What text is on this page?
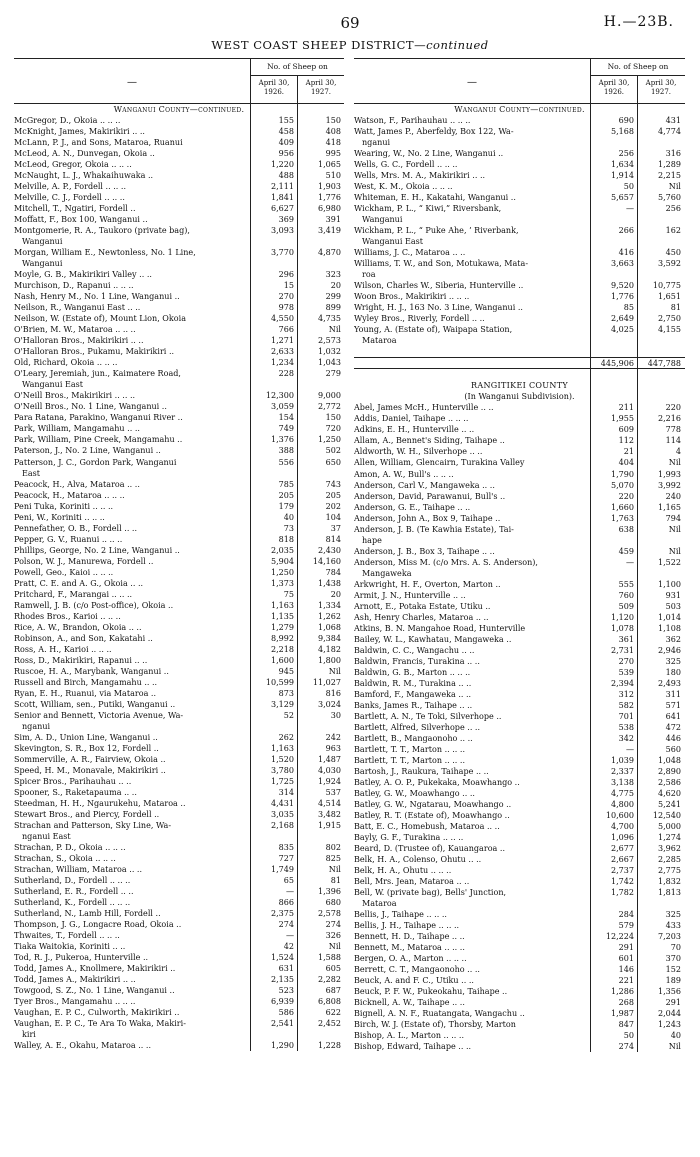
69	H.—23B.
WEST COAST SHEEP DISTRICT—continued
—
No. of Sheep on
April 30, 1926.
April 30, 1927.
Wanganui County—continued.
McGregor, D., Okoia .. .. ..	155	150
McKnight, James, Makirikiri .. ..	458	408
McLann, P. J., and Sons, Mataroa, Ruanui	409	418
McLeod, A. N., Dunvegan, Okoia ..	956	995
McLeod, Gregor, Okoia .. .. ..	1,220	1,065
McNaught, L. J., Whakaihuwaka ..	488	510
Melville, A. P., Fordell .. .. ..	2,111	1,903
Melville, C. J., Fordell .. .. ..	1,841	1,776
Mitchell, T., Ngatiri, Fordell ..	6,627	6,980
Moffatt, F., Box 100, Wanganui ..	369	391
Montgomerie, R. A., Taukoro (private bag),	3,093	3,419
Wanganui
Morgan, William E., Newtonless, No. 1 Line,	3,770	4,870
Wanganui
Moyle, G. B., Makirikiri Valley .. ..	296	323
Murchison, D., Rapanui .. .. ..	15	20
Nash, Henry M., No. 1 Line, Wanganui ..	270	299
Neilson, R., Wanganui East .. ..	978	899
Neilson, W. (Estate of), Mount Lion, Okoia	4,550	4,735
O'Brien, M. W., Mataroa .. .. ..	766	Nil
O'Halloran Bros., Makirikiri .. ..	1,271	2,573
O'Halloran Bros., Pukamu, Makirikiri ..	2,633	1,032
Old, Richard, Okoia .. .. ..	1,234	1,043
O'Leary, Jeremiah, jun., Kaimatere Road,	228	279
Wanganui East
O'Neill Bros., Makirikiri .. .. ..	12,300	9,000
O'Neill Bros., No. 1 Line, Wanganui ..	3,059	2,772
Para Ratana, Parakino, Wanganui River ..	154	150
Park, William, Mangamahu .. ..	749	720
Park, William, Pine Creek, Mangamahu ..	1,376	1,250
Paterson, J., No. 2 Line, Wanganui ..	388	502
Patterson, J. C., Gordon Park, Wanganui	556	650
East
Peacock, H., Alva, Mataroa .. ..	785	743
Peacock, H., Mataroa .. .. ..	205	205
Peni Tuka, Koriniti .. .. ..	179	202
Peni, W., Koriniti .. .. ..	40	104
Pennefather, O. B., Fordell .. ..	73	37
Pepper, G. V., Ruanui .. .. ..	818	814
Phillips, George, No. 2 Line, Wanganui ..	2,035	2,430
Polson, W. J., Manurewa, Fordell ..	5,904	14,160
Powell, Geo., Kaioi .. .. ..	1,250	784
Pratt, C. E. and A. G., Okoia .. ..	1,373	1,438
Pritchard, F., Marangai .. .. ..	75	20
Ramwell, J. B. (c/o Post-office), Okoia ..	1,163	1,334
Rhodes Bros., Karioi .. .. ..	1,135	1,262
Rice, A. W., Brandon, Okoia .. ..	1,279	1,068
Robinson, A., and Son, Kakatahi ..	8,992	9,384
Ross, A. H., Karioi .. .. ..	2,218	4,182
Ross, D., Makirikiri, Rapanui .. ..	1,600	1,800
Ruscoe, H. A., Marybank, Wanganui ..	945	Nil
Russell and Birch, Mangamahu .. ..	10,599	11,027
Ryan, E. H., Ruanui, via Mataroa ..	873	816
Scott, William, sen., Putiki, Wanganui ..	3,129	3,024
Senior and Bennett, Victoria Avenue, Wa-	52	30
nganui
Sim, A. D., Union Line, Wanganui ..	262	242
Skevington, S. R., Box 12, Fordell ..	1,163	963
Sommerville, A. R., Fairview, Okoia ..	1,520	1,487
Speed, H. M., Monavale, Makirikiri ..	3,780	4,030
Spicer Bros., Parihauhau .. ..	1,725	1,924
Spooner, S., Raketapauma .. ..	314	537
Steedman, H. H., Ngaurukehu, Mataroa ..	4,431	4,514
Stewart Bros., and Piercy, Fordell ..	3,035	3,482
Strachan and Patterson, Sky Line, Wa-	2,168	1,915
nganui East
Strachan, P. D., Okoia .. .. ..	835	802
Strachan, S., Okoia .. .. ..	727	825
Strachan, William, Mataroa .. ..	1,749	Nil
Sutherland, D., Fordell .. .. ..	65	81
Sutherland, E. R., Fordell .. ..	—	1,396
Sutherland, K., Fordell .. .. ..	866	680
Sutherland, N., Lamb Hill, Fordell ..	2,375	2,578
Thompson, J. G., Longacre Road, Okoia ..	274	274
Thwaites, T., Fordell .. .. ..	—	326
Tiaka Waitokia, Koriniti .. ..	42	Nil
Tod, R. J., Pukeroa, Hunterville ..	1,524	1,588
Todd, James A., Knollmere, Makirikiri ..	631	605
Todd, James A., Makirikiri .. ..	2,135	2,282
Towgood, S. Z., No. 1 Line, Wanganui ..	523	687
Tyer Bros., Mangamahu .. .. ..	6,939	6,808
Vaughan, E. P. C., Culworth, Makirikiri ..	586	622
Vaughan, E. P. C., Te Ara To Waka, Makiri-	2,541	2,452
kiri
Walley, A. E., Okahu, Mataroa .. ..	1,290	1,228
—
No. of Sheep on
April 30, 1926.
April 30, 1927.
Wanganui County—continued.
Watson, F., Parihauhau .. .. ..	690	431
Watt, James P., Aberfeldy, Box 122, Wa-	5,168	4,774
nganui
Wearing, W., No. 2 Line, Wanganui ..	256	316
Wells, G. C., Fordell .. .. ..	1,634	1,289
Wells, Mrs. M. A., Makirikiri .. ..	1,914	2,215
West, K. M., Okoia .. .. ..	50	Nil
Whiteman, E. H., Kakatahi, Wanganui ..	5,657	5,760
Wickham, P. L., “ Kiwi,” Riversbank,	—	256
Wanganui
Wickham, P. L., “ Puke Ahe, ’ Riverbank,	266	162
Wanganui East
Williams, J. C., Mataroa .. ..	416	450
Williams, T. W., and Son, Motukawa, Mata-	3,663	3,592
roa
Wilson, Charles W., Siberia, Hunterville ..	9,520	10,775
Woon Bros., Makirikiri .. .. ..	1,776	1,651
Wright, H. J., 163 No. 3 Line, Wanganui ..	85	81
Wyley Bros., Riverly, Fordell .. ..	2,649	2,750
Young, A. (Estate of), Waipapa Station,	4,025	4,155
Mataroa
445,906	447,788
RANGITIKEI COUNTY
(In Wanganui Subdivision).
Abel, James McH., Hunterville .. ..	211	220
Addis, Daniel, Taihape .. .. ..	1,955	2,216
Adkins, E. H., Hunterville .. ..	609	778
Allam, A., Bennet's Siding, Taihape ..	112	114
Aldworth, W. H., Silverhope .. ..	21	4
Allen, William, Glencairn, Turakina Valley	404	Nil
Amon, A. W., Bull's .. .. ..	1,790	1,993
Anderson, Carl V., Mangaweka .. ..	5,070	3,992
Anderson, David, Parawanui, Bull's ..	220	240
Anderson, G. E., Taihape .. ..	1,660	1,165
Anderson, John A., Box 9, Taihape ..	1,763	794
Anderson, J. B. (Te Kawhia Estate), Tai-	638	Nil
hape
Anderson, J. B., Box 3, Taihape .. ..	459	Nil
Anderson, Miss M. (c/o Mrs. A. S. Anderson),	—	1,522
Mangaweka
Arkwright, H. F., Overton, Marton ..	555	1,100
Armit, J. N., Hunterville .. ..	760	931
Arnott, E., Potaka Estate, Utiku ..	509	503
Ash, Henry Charles, Mataroa .. ..	1,120	1,014
Atkins, B. N. Mangahoe Road, Hunterville	1,078	1,108
Bailey, W. L., Kawhatau, Mangaweka ..	361	362
Baldwin, C. C., Wangachu .. ..	2,731	2,946
Baldwin, Francis, Turakina .. ..	270	325
Baldwin, G. B., Marton .. .. ..	539	180
Baldwin, R. M., Turakina .. ..	2,394	2,493
Bamford, F., Mangaweka .. ..	312	311
Banks, James R., Taihape .. ..	582	571
Bartlett, A. N., Te Toki, Silverhope ..	701	641
Bartlett, Alfred, Silverhope .. ..	538	472
Bartlett, B., Mangaonoho .. ..	342	446
Bartlett, T. T., Marton .. .. ..	—	560
Bartlett, T. T., Marton .. .. ..	1,039	1,048
Bartosh, J., Raukura, Taihape .. ..	2,337	2,890
Batley, A. O. P., Pukekaka, Moawhango ..	3,138	2,586
Batley, G. W., Moawhango .. ..	4,775	4,620
Batley, G. W., Ngatarau, Moawhango ..	4,800	5,241
Batley, R. T. (Estate of), Moawhango ..	10,600	12,540
Batt, E. C., Homebush, Mataroa .. ..	4,700	5,000
Bayly, G. F., Turakina .. .. ..	1,096	1,274
Beard, D. (Trustee of), Kauangaroa ..	2,677	3,962
Belk, H. A., Colenso, Ohutu .. ..	2,667	2,285
Belk, H. A., Ohutu .. .. ..	2,737	2,775
Bell, Mrs. Jean, Mataroa .. ..	1,742	1,832
Bell, W. (private bag), Bells' Junction,	1,782	1,813
Mataroa
Bellis, J., Taihape .. .. ..	284	325
Bellis, J. H., Taihape .. .. ..	579	433
Bennett, H. D., Taihape .. ..	12,224	7,203
Bennett, M., Mataroa .. .. ..	291	70
Bergen, O. A., Marton .. .. ..	601	370
Berrett, C. T., Mangaonoho .. ..	146	152
Beuck, A. and F. C., Utiku .. ..	221	189
Beuck, P. F. W., Pukeokahu, Taihape ..	1,286	1,356
Bicknell, A. W., Taihape .. ..	268	291
Bignell, A. N. F., Ruatangata, Wangachu ..	1,987	2,044
Birch, W. J. (Estate of), Thorsby, Marton	847	1,243
Bishop, A. L., Marton .. .. ..	50	40
Bishop, Edward, Taihape .. ..	274	Nil
